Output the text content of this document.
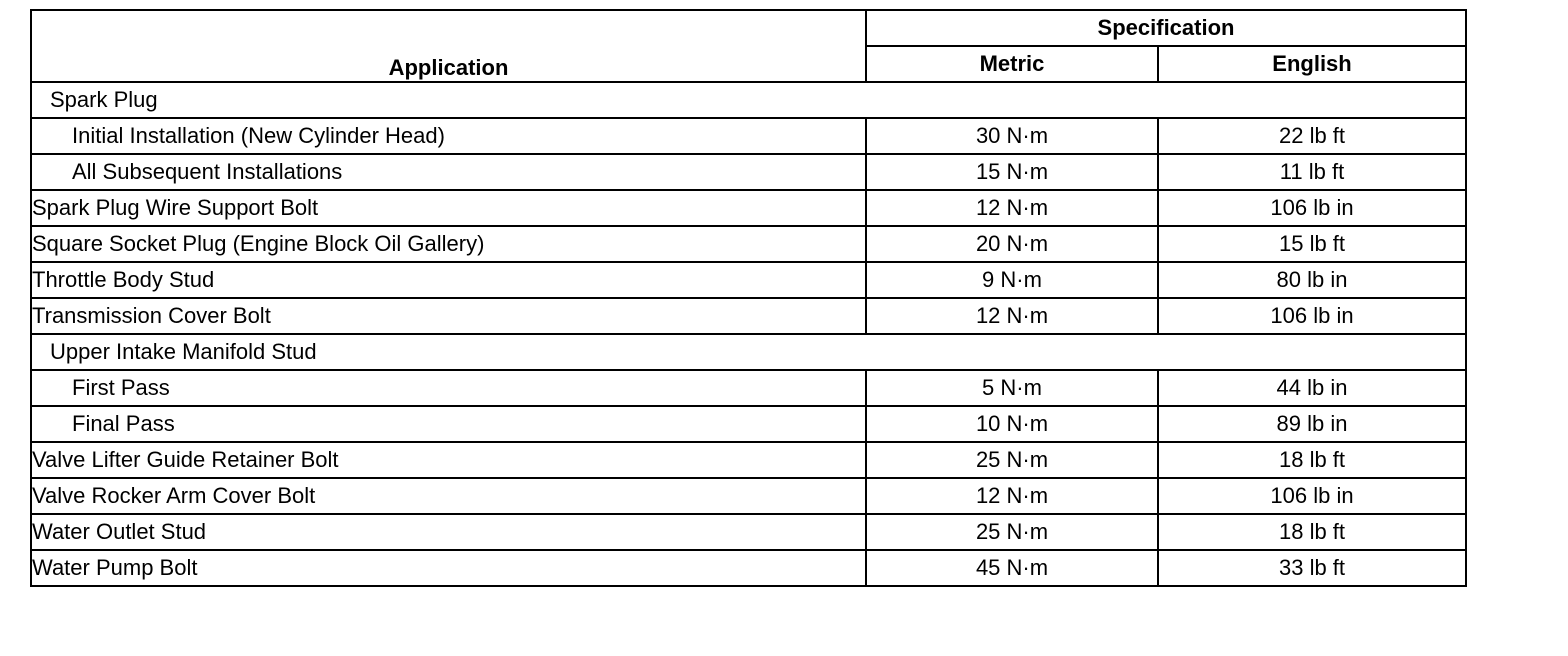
Application	Specification	
	Metric	English
Spark Plug		
Initial Installation (New Cylinder Head)	30 N·m	22 lb ft
All Subsequent Installations	15 N·m	11 lb ft
Spark Plug Wire Support Bolt	12 N·m	106 lb in
Square Socket Plug (Engine Block Oil Gallery)	20 N·m	15 lb ft
Throttle Body Stud	9 N·m	80 lb in
Transmission Cover Bolt	12 N·m	106 lb in
Upper Intake Manifold Stud		
First Pass	5 N·m	44 lb in
Final Pass	10 N·m	89 lb in
Valve Lifter Guide Retainer Bolt	25 N·m	18 lb ft
Valve Rocker Arm Cover Bolt	12 N·m	106 lb in
Water Outlet Stud	25 N·m	18 lb ft
Water Pump Bolt	45 N·m	33 lb ft
